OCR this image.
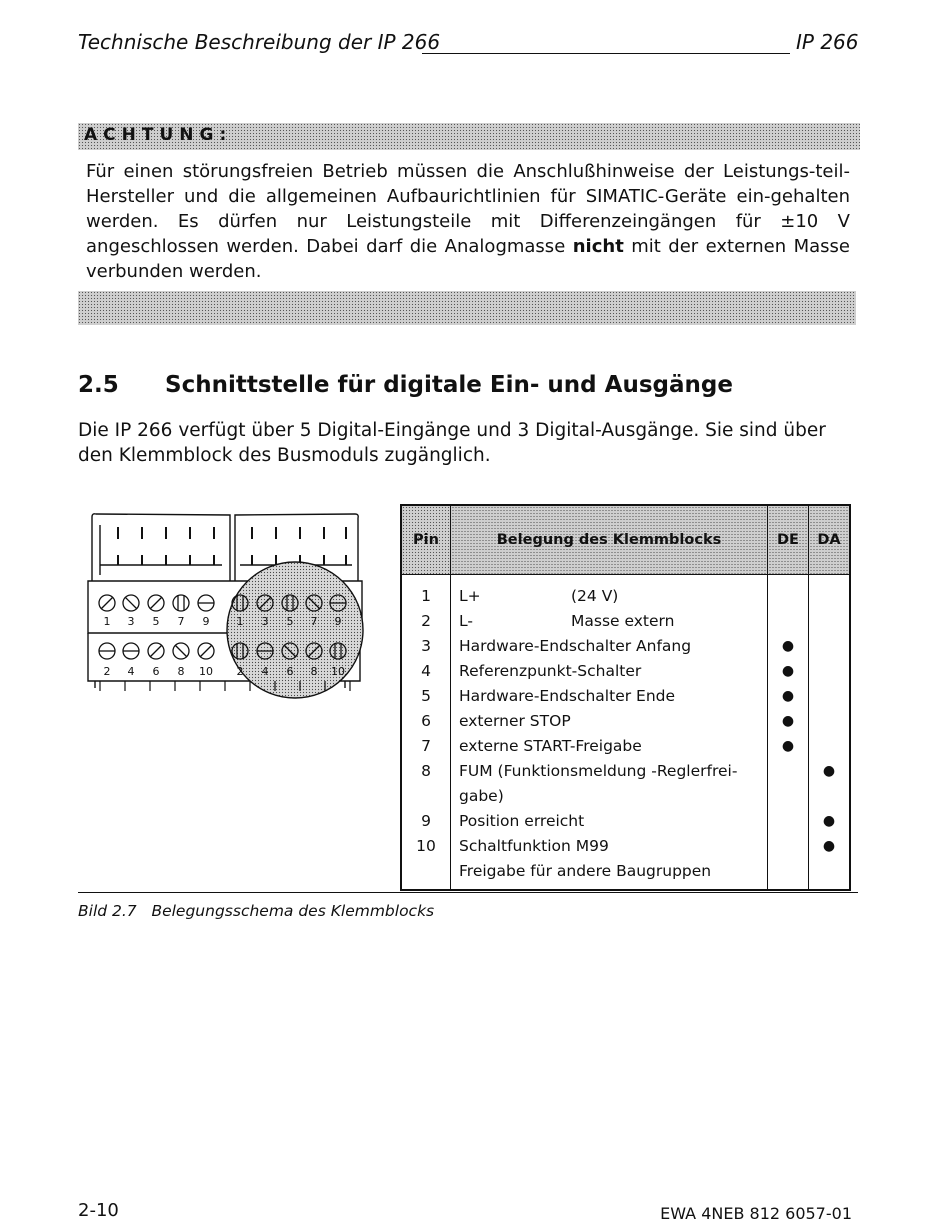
Technische Beschreibung der IP 266	IP 266
ACHTUNG:
Für einen störungsfreien Betrieb müssen die Anschlußhinweise der Leistungs-teil-Hersteller und die allgemeinen Aufbaurichtlinien für SIMATIC-Geräte ein-gehalten werden. Es dürfen nur Leistungsteile mit Differenzeingängen für ±10 V angeschlossen werden. Dabei darf die Analogmasse nicht mit der externen Masse verbunden werden.
2.5 Schnittstelle für digitale Ein- und Ausgänge
Die IP 266 verfügt über 5 Digital-Eingänge und 3 Digital-Ausgänge. Sie sind über den Klemmblock des Busmoduls zugänglich.
1 3 5 7 9 1 3 5 7 9
2 4 6 8 10 2 4 6 8 10
Pin	Belegung des Klemmblocks	DE	DA
1	L+ (24 V)		
2	L- Masse extern		
3	Hardware-Endschalter Anfang	●	
4	Referenzpunkt-Schalter	●	
5	Hardware-Endschalter Ende	●	
6	externer STOP	●	
7	externe START-Freigabe	●	
8	FUM (Funktionsmeldung -Reglerfrei-		●
	gabe)		
9	Position erreicht		●
10	Schaltfunktion M99		●
	Freigabe für andere Baugruppen		
Bild 2.7 Belegungsschema des Klemmblocks
2-10	EWA 4NEB 812 6057-01
